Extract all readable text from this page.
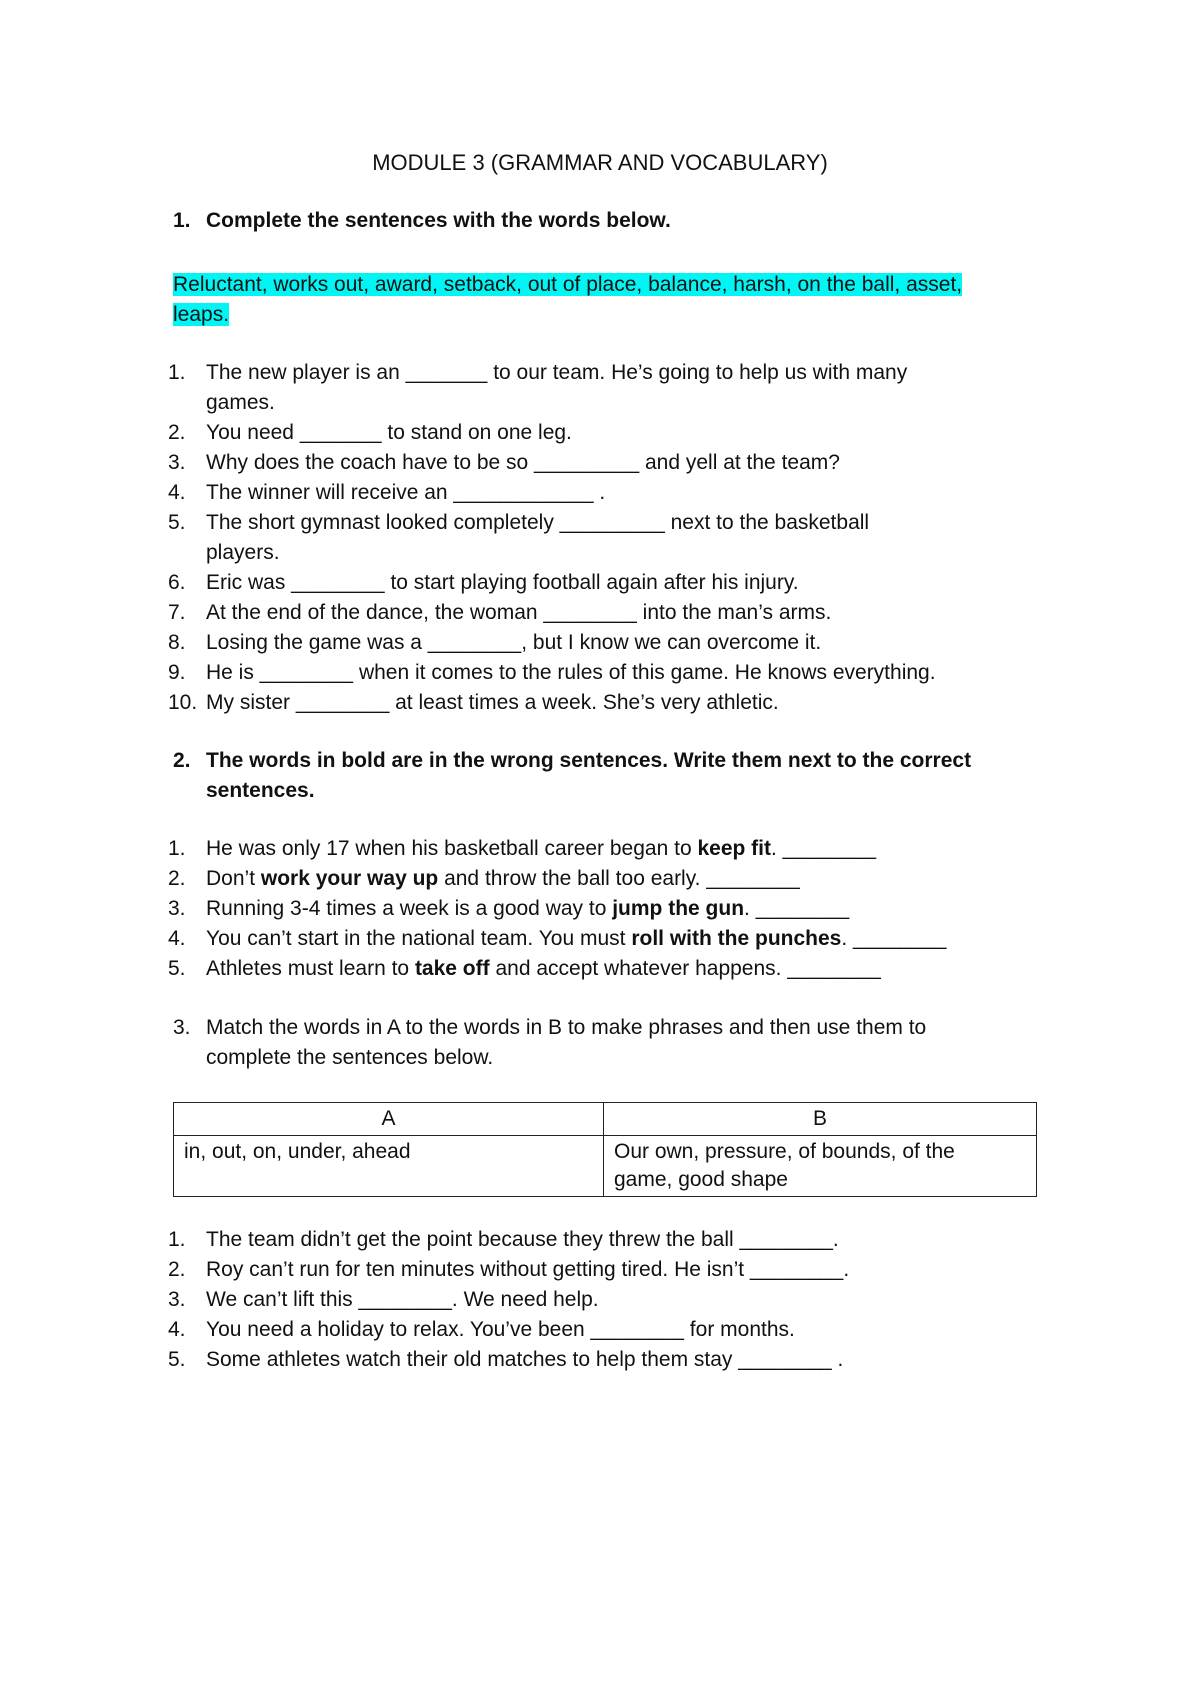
MODULE 3 (GRAMMAR AND VOCABULARY)
1. Complete the sentences with the words below.
Reluctant, works out, award, setback, out of place, balance, harsh, on the ball, asset,
leaps.
1. The new player is an _______ to our team. He’s going to help us with many
games.
2. You need _______ to stand on one leg.
3. Why does the coach have to be so _________ and yell at the team?
4. The winner will receive an ____________ .
5. The short gymnast looked completely _________ next to the basketball
players.
6. Eric was ________ to start playing football again after his injury.
7. At the end of the dance, the woman ________ into the man’s arms.
8. Losing the game was a ________, but I know we can overcome it.
9. He is ________ when it comes to the rules of this game. He knows everything.
10. My sister ________ at least times a week. She’s very athletic.
2. The words in bold are in the wrong sentences. Write them next to the correct
sentences.
1. He was only 17 when his basketball career began to keep fit. ________
2. Don’t work your way up and throw the ball too early. ________
3. Running 3-4 times a week is a good way to jump the gun. ________
4. You can’t start in the national team. You must roll with the punches. ________
5. Athletes must learn to take off and accept whatever happens. ________
3. Match the words in A to the words in B to make phrases and then use them to
complete the sentences below.
A	B
in, out, on, under, ahead	Our own, pressure, of bounds, of the
game, good shape
1. The team didn’t get the point because they threw the ball ________.
2. Roy can’t run for ten minutes without getting tired. He isn’t ________.
3. We can’t lift this ________. We need help.
4. You need a holiday to relax. You’ve been ________ for months.
5. Some athletes watch their old matches to help them stay ________ .
